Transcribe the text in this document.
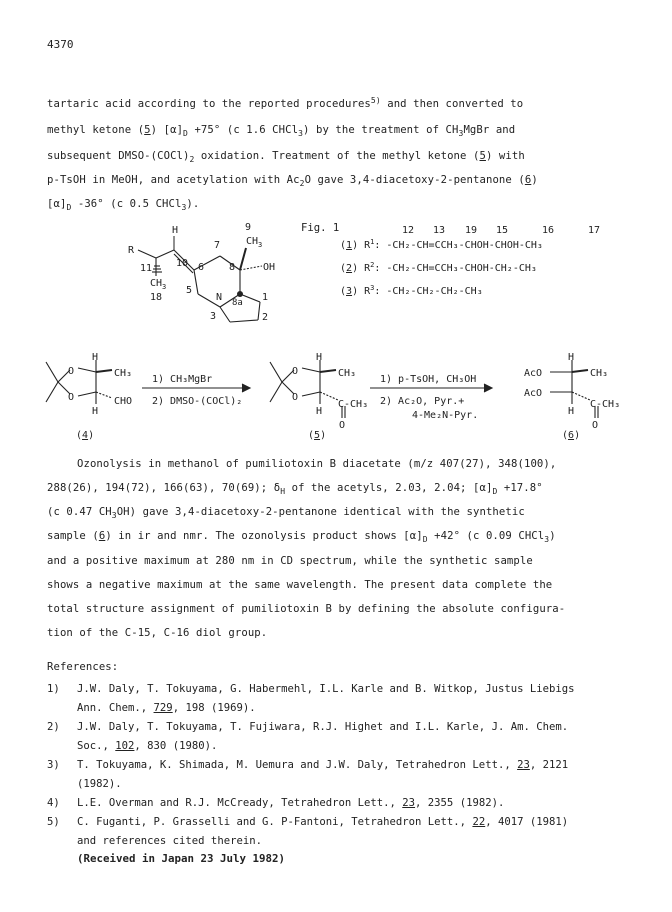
4370
tartaric acid according to the reported procedures$^{5)}$ and then converted to
methyl ketone (5) $[\alpha]_D +75^\circ$ (c 1.6 CHCl$_3$) by the treatment of $CH_3MgBr$ and
subsequent DMSO-$(COCl)_2$ oxidation. Treatment of the methyl ketone (5) with
p-TsOH in MeOH, and acetylation with $Ac_2O$ gave 3,4-diacetoxy-2-pentanone (6)
$[\alpha]_D$ -36° (c 0.5 CHCl$_3$).
Fig. 1
R
H	9
$CH_3$
OH
7
10 6 8
11
1
$CH_3$
18
5
N 8a
3	2
12 13 19 15	16	17
(1) $R^1$: -CH₂-CH=CCH₃-CHOH-CHOH-CH₃
(2) $R^2$: -CH₂-CH=CCH₃-CHOH-CH₂-CH₃
(3) $R^3$: -CH₂-CH₂-CH₂-CH₃
O
O
H
CH₃
CHO
H
(4)
1) CH₃MgBr
2) DMSO-(COCl)₂
O
O
H
CH₃
C-CH₃
H
O
(5)
1) p-TsOH, CH₃OH
2) Ac₂O, Pyr.+
4-Me₂N-Pyr.
AcO
AcO
H
CH₃
C-CH₃
H
O
(6)
Ozonolysis in methanol of pumiliotoxin B diacetate (m/z 407(27), 348(100),
288(26), 194(72), 166(63), 70(69); $\delta_H$ of the acetyls, 2.03, 2.04; $[\alpha]_D +17.8^\circ$
(c 0.47 $CH_3OH$) gave 3,4-diacetoxy-2-pentanone identical with the synthetic
sample (6) in ir and nmr. The ozonolysis product shows $[\alpha]_D +42^\circ$ (c 0.09 CHCl$_3$)
and a positive maximum at 280 nm in CD spectrum, while the synthetic sample
shows a negative maximum at the same wavelength. The present data complete the
total structure assignment of pumiliotoxin B by defining the absolute configura-
tion of the C-15, C-16 diol group.
References:
1) J.W. Daly, T. Tokuyama, G. Habermehl, I.L. Karle and B. Witkop, Justus Liebigs
Ann. Chem., 729, 198 (1969).
2) J.W. Daly, T. Tokuyama, T. Fujiwara, R.J. Highet and I.L. Karle, J. Am. Chem.
Soc., 102, 830 (1980).
3) T. Tokuyama, K. Shimada, M. Uemura and J.W. Daly, Tetrahedron Lett., 23, 2121
(1982).
4) L.E. Overman and R.J. McCready, Tetrahedron Lett., 23, 2355 (1982).
5) C. Fuganti, P. Grasselli and G. P-Fantoni, Tetrahedron Lett., 22, 4017 (1981)
and references cited therein.
(Received in Japan 23 July 1982)
